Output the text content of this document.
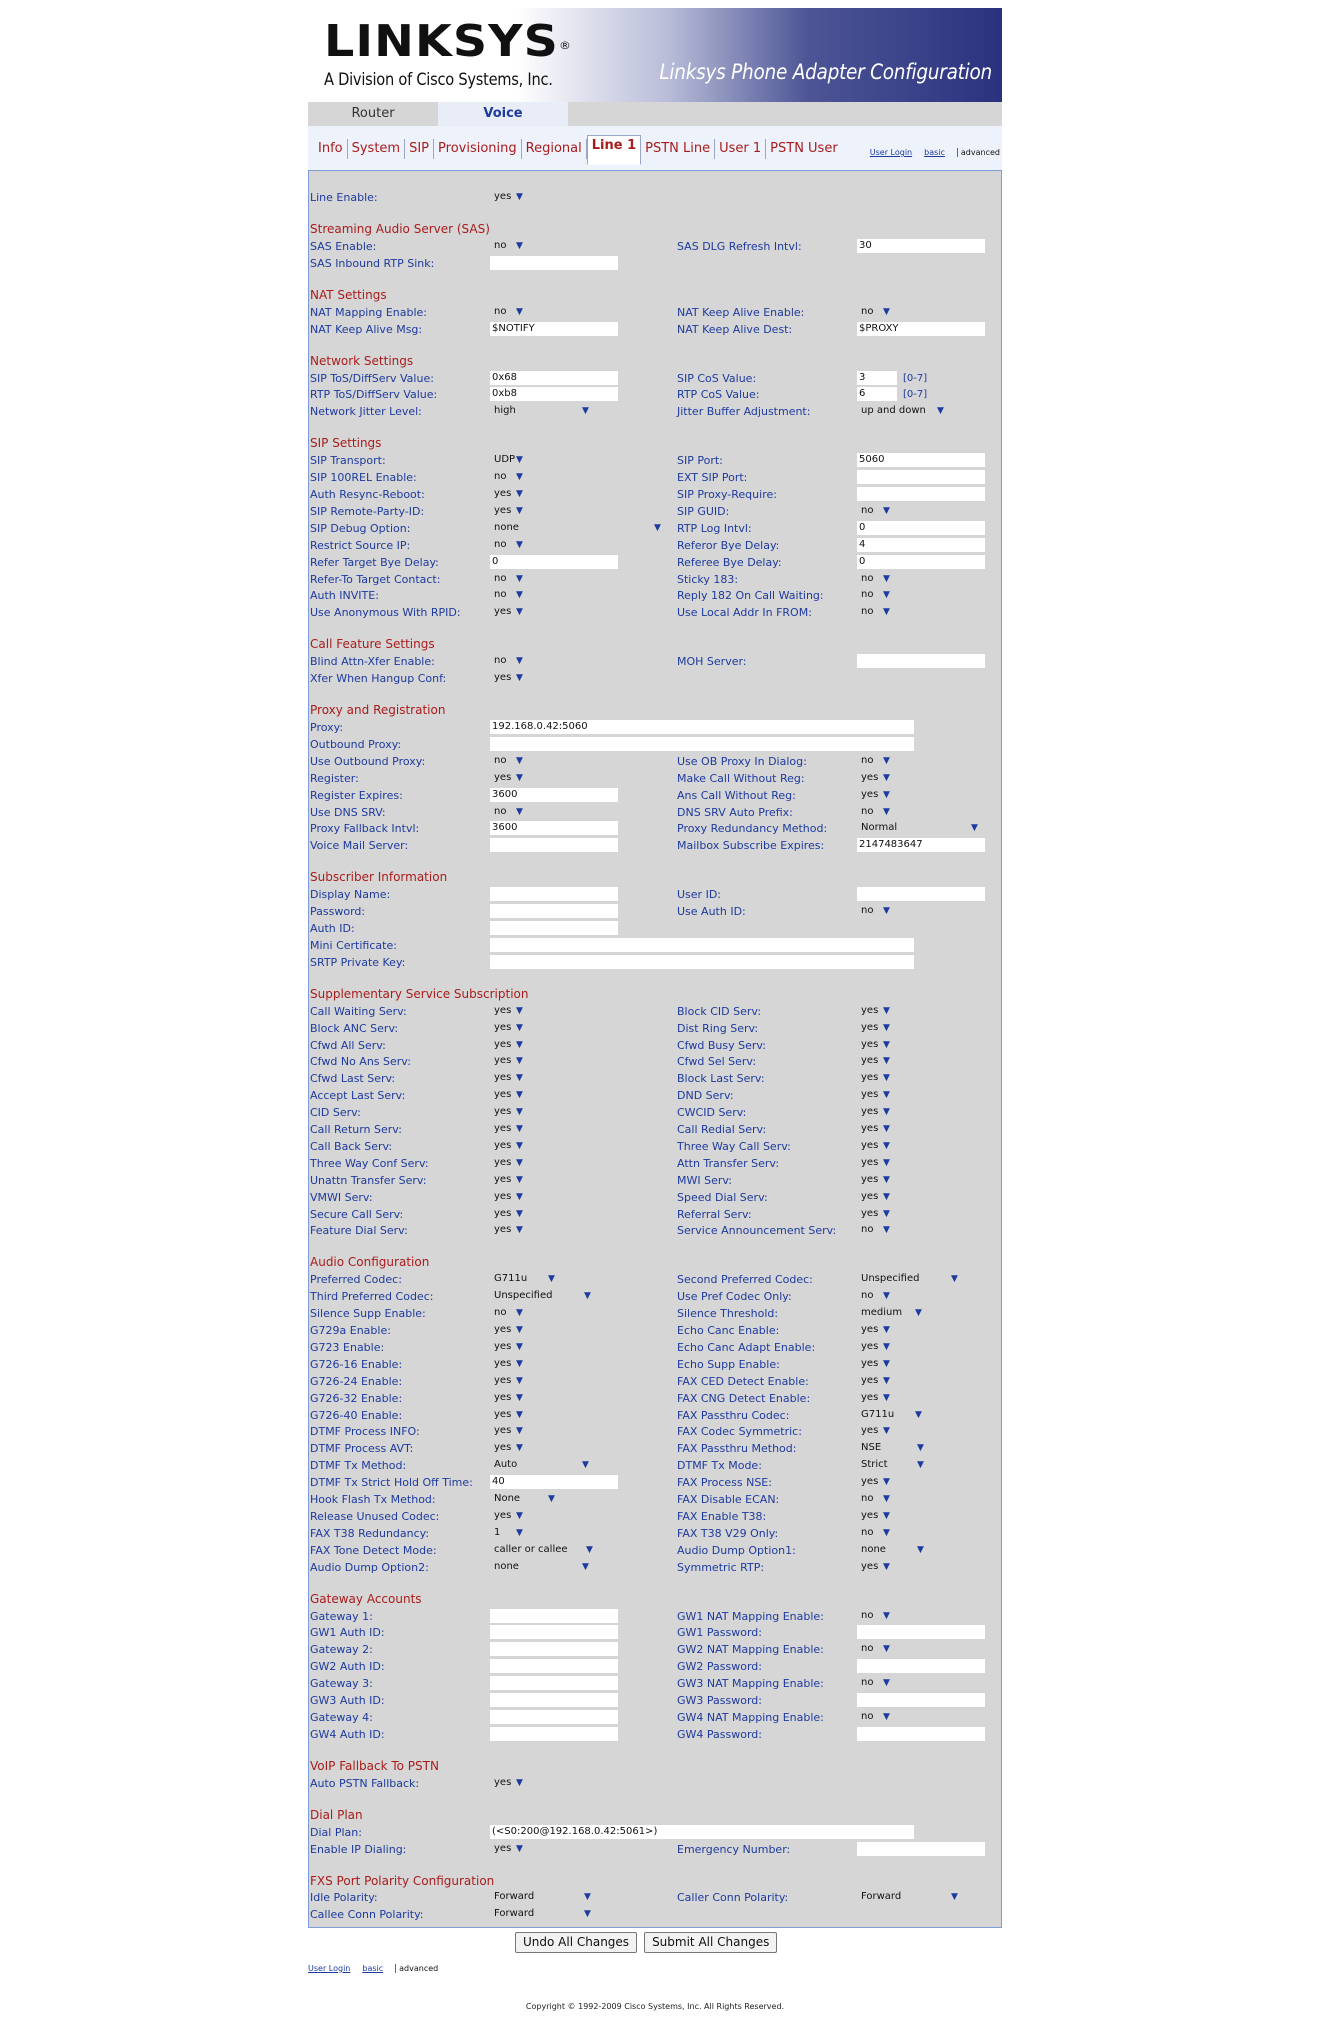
LINKSYS®
A Division of Cisco Systems, Inc.	Linksys Phone Adapter Configuration
Router	Voice
Info System SIP Provisioning Regional Line 1 PSTN Line User 1 PSTN User	User Login basic advanced
Line Enable:	yes ▼
Streaming Audio Server (SAS)
SAS Enable:	no ▼	SAS DLG Refresh Intvl:	30
SAS Inbound RTP Sink:
NAT Settings
NAT Mapping Enable:	no ▼	NAT Keep Alive Enable:	no ▼
NAT Keep Alive Msg:	$NOTIFY	NAT Keep Alive Dest:	$PROXY
Network Settings
SIP ToS/DiffServ Value:	0x68	SIP CoS Value:	3	[0-7]
RTP ToS/DiffServ Value:	0xb8	RTP CoS Value:	6	[0-7]
Network Jitter Level:	high	▼	Jitter Buffer Adjustment:	up and down ▼
SIP Settings
SIP Transport:	UDP ▼	SIP Port:	5060
SIP 100REL Enable:	no ▼	EXT SIP Port:
Auth Resync-Reboot:	yes ▼	SIP Proxy-Require:
SIP Remote-Party-ID:	yes ▼	SIP GUID:	no ▼
SIP Debug Option:	none	▼ RTP Log Intvl:	0
Restrict Source IP:	no ▼	Referor Bye Delay:	4
Refer Target Bye Delay:	0	Referee Bye Delay:	0
Refer-To Target Contact:	no ▼	Sticky 183:	no ▼
Auth INVITE:	no ▼	Reply 182 On Call Waiting:	no ▼
Use Anonymous With RPID:	yes ▼	Use Local Addr In FROM:	no ▼
Call Feature Settings
Blind Attn-Xfer Enable:	no ▼	MOH Server:
Xfer When Hangup Conf:	yes ▼
Proxy and Registration
Proxy:	192.168.0.42:5060
Outbound Proxy:
Use Outbound Proxy:	no ▼	Use OB Proxy In Dialog:	no ▼
Register:	yes ▼	Make Call Without Reg:	yes ▼
Register Expires:	3600	Ans Call Without Reg:	yes ▼
Use DNS SRV:	no ▼	DNS SRV Auto Prefix:	no ▼
Proxy Fallback Intvl:	3600	Proxy Redundancy Method:	Normal	▼
Voice Mail Server:	Mailbox Subscribe Expires:	2147483647
Subscriber Information
Display Name:	User ID:
Password:	Use Auth ID:	no ▼
Auth ID:
Mini Certificate:
SRTP Private Key:
Supplementary Service Subscription
Call Waiting Serv:	yes ▼	Block CID Serv:	yes ▼
Block ANC Serv:	yes ▼	Dist Ring Serv:	yes ▼
Cfwd All Serv:	yes ▼	Cfwd Busy Serv:	yes ▼
Cfwd No Ans Serv:	yes ▼	Cfwd Sel Serv:	yes ▼
Cfwd Last Serv:	yes ▼	Block Last Serv:	yes ▼
Accept Last Serv:	yes ▼	DND Serv:	yes ▼
CID Serv:	yes ▼	CWCID Serv:	yes ▼
Call Return Serv:	yes ▼	Call Redial Serv:	yes ▼
Call Back Serv:	yes ▼	Three Way Call Serv:	yes ▼
Three Way Conf Serv:	yes ▼	Attn Transfer Serv:	yes ▼
Unattn Transfer Serv:	yes ▼	MWI Serv:	yes ▼
VMWI Serv:	yes ▼	Speed Dial Serv:	yes ▼
Secure Call Serv:	yes ▼	Referral Serv:	yes ▼
Feature Dial Serv:	yes ▼	Service Announcement Serv: no ▼
Audio Configuration
Preferred Codec:	G711u ▼	Second Preferred Codec:	Unspecified	▼
Third Preferred Codec:	Unspecified	▼	Use Pref Codec Only:	no ▼
Silence Supp Enable:	no ▼	Silence Threshold:	medium ▼
G729a Enable:	yes ▼	Echo Canc Enable:	yes ▼
G723 Enable:	yes ▼	Echo Canc Adapt Enable:	yes ▼
G726-16 Enable:	yes ▼	Echo Supp Enable:	yes ▼
G726-24 Enable:	yes ▼	FAX CED Detect Enable:	yes ▼
G726-32 Enable:	yes ▼	FAX CNG Detect Enable:	yes ▼
G726-40 Enable:	yes ▼	FAX Passthru Codec:	G711u ▼
DTMF Process INFO:	yes ▼	FAX Codec Symmetric:	yes ▼
DTMF Process AVT:	yes ▼	FAX Passthru Method:	NSE	▼
DTMF Tx Method:	Auto	▼	DTMF Tx Mode:	Strict	▼
DTMF Tx Strict Hold Off Time: 40	FAX Process NSE:	yes ▼
Hook Flash Tx Method:	None	▼	FAX Disable ECAN:	no ▼
Release Unused Codec:	yes ▼	FAX Enable T38:	yes ▼
FAX T38 Redundancy:	1 ▼	FAX T38 V29 Only:	no ▼
FAX Tone Detect Mode:	caller or callee ▼	Audio Dump Option1:	none	▼
Audio Dump Option2:	none	▼	Symmetric RTP:	yes ▼
Gateway Accounts
Gateway 1:	GW1 NAT Mapping Enable:	no ▼
GW1 Auth ID:	GW1 Password:
Gateway 2:	GW2 NAT Mapping Enable:	no ▼
GW2 Auth ID:	GW2 Password:
Gateway 3:	GW3 NAT Mapping Enable:	no ▼
GW3 Auth ID:	GW3 Password:
Gateway 4:	GW4 NAT Mapping Enable:	no ▼
GW4 Auth ID:	GW4 Password:
VoIP Fallback To PSTN
Auto PSTN Fallback:	yes ▼
Dial Plan
Dial Plan:	(<S0:200@192.168.0.42:5061>)
Enable IP Dialing:	yes ▼	Emergency Number:
FXS Port Polarity Configuration
Idle Polarity:	Forward	▼	Caller Conn Polarity:	Forward	▼
Callee Conn Polarity:	Forward	▼
Undo All Changes	Submit All Changes
User Login basic advanced
Copyright © 1992-2009 Cisco Systems, Inc. All Rights Reserved.
